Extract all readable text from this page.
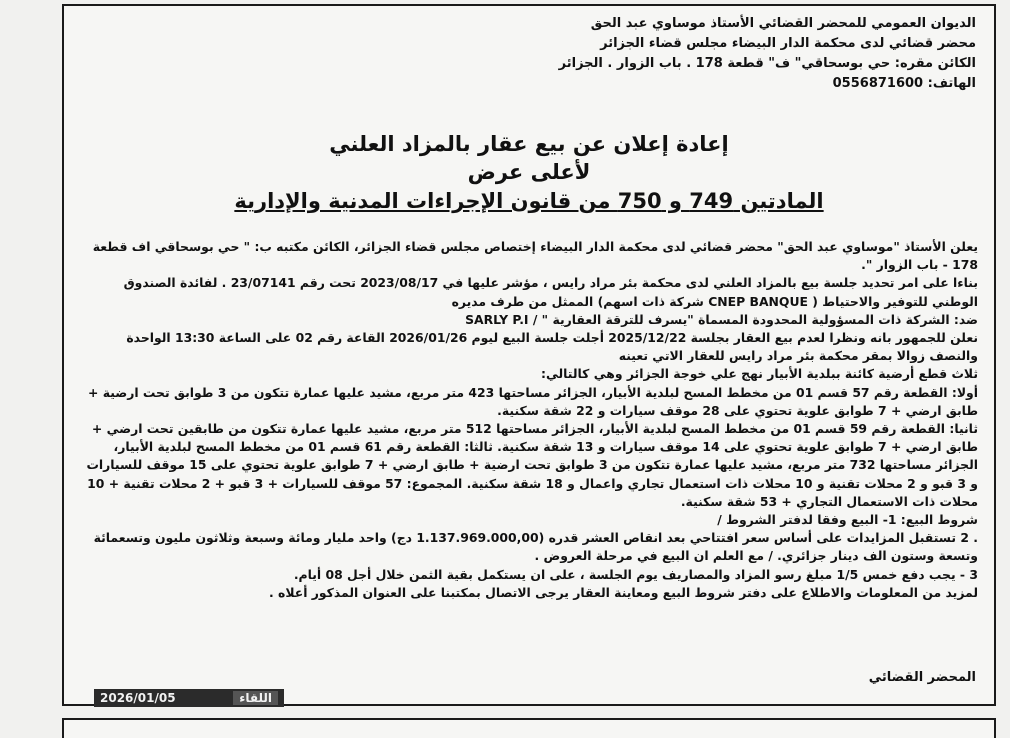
الديوان العمومي للمحضر القضائي الأستاذ موساوي عبد الحق
محضر قضائي لدى محكمة الدار البيضاء مجلس قضاء الجزائر
الكائن مقره: حي بوسحاقي" ف" قطعة 178 . باب الزوار . الجزائر
الهاتف: 0556871600
إعادة إعلان عن بيع عقار بالمزاد العلني
لأعلى عرض
المادتين 749 و 750 من قانون الإجراءات المدنية والإدارية

يعلن الأستاذ "موساوي عبد الحق" محضر قضائي لدى محكمة الدار البيضاء إختصاص مجلس قضاء الجزائر، الكائن مكتبه ب: " حي بوسحاقي اف قطعة 178 - باب الزوار ".

بناءا على امر تحديد جلسة بيع بالمزاد العلني لدى محكمة بئر مراد رايس ، مؤشر عليها في 2023/08/17 تحت رقم 23/07141 . لفائدة الصندوق الوطني للتوفير والاحتياط ( CNEP BANQUE شركة ذات اسهم) الممثل من طرف مديره

ضد: الشركة ذات المسؤولية المحدودة المسماة "يسرف للترقة العقارية " / SARLY P.I

نعلن للجمهور بانه ونظرا لعدم بيع العقار بجلسة 2025/12/22 أجلت جلسة البيع ليوم 2026/01/26 القاعة رقم 02 على الساعة 13:30 الواحدة والنصف زوالا بمقر محكمة بئر مراد رايس للعقار الاتي تعينه

ثلاث قطع أرضية كائنة ببلدية الأبيار نهج علي خوجة الجزائر وهي كالتالي:

أولا: القطعة رقم 57 قسم 01 من مخطط المسح لبلدية الأبيار، الجزائر مساحتها 423 متر مربع، مشيد عليها عمارة تتكون من 3 طوابق تحت ارضية + طابق ارضي + 7 طوابق علوية تحتوي على 28 موقف سيارات و 22 شقة سكنية.

ثانيا: القطعة رقم 59 قسم 01 من مخطط المسح لبلدية الأبيار، الجزائر مساحتها 512 متر مربع، مشيد عليها عمارة تتكون من طابقين تحت ارضي + طابق ارضي + 7 طوابق علوية تحتوي على 14 موقف سيارات و 13 شقة سكنية. ثالثا: القطعة رقم 61 قسم 01 من مخطط المسح لبلدية الأبيار، الجزائر مساحتها 732 متر مربع، مشيد عليها عمارة تتكون من 3 طوابق تحت ارضية + طابق ارضي + 7 طوابق علوية تحتوي على 15 موقف للسيارات و 3 قبو و 2 محلات تقنية و 10 محلات ذات استعمال تجاري واعمال و 18 شقة سكنية. المجموع: 57 موقف للسيارات + 3 قبو + 2 محلات تقنية + 10 محلات ذات الاستعمال التجاري + 53 شقة سكنية.

شروط البيع: 1- البيع وفقا لدفتر الشروط /

. 2 تستقبل المزايدات على أساس سعر افتتاحي بعد انقاص العشر قدره (1.137.969.000,00 دج) واحد مليار ومائة وسبعة وثلاثون مليون وتسعمائة وتسعة وستون الف دينار جزائري. / مع العلم ان البيع في مرحلة العروض .

3 - يجب دفع خمس 1/5 مبلغ رسو المزاد والمصاريف يوم الجلسة ، على ان يستكمل بقية الثمن خلال أجل 08 أيام.

لمزيد من المعلومات والاطلاع على دفتر شروط البيع ومعاينة العقار يرجى الاتصال بمكتبنا على العنوان المذكور أعلاه .

المحضر القضائي
2026/01/05	اللقاء
